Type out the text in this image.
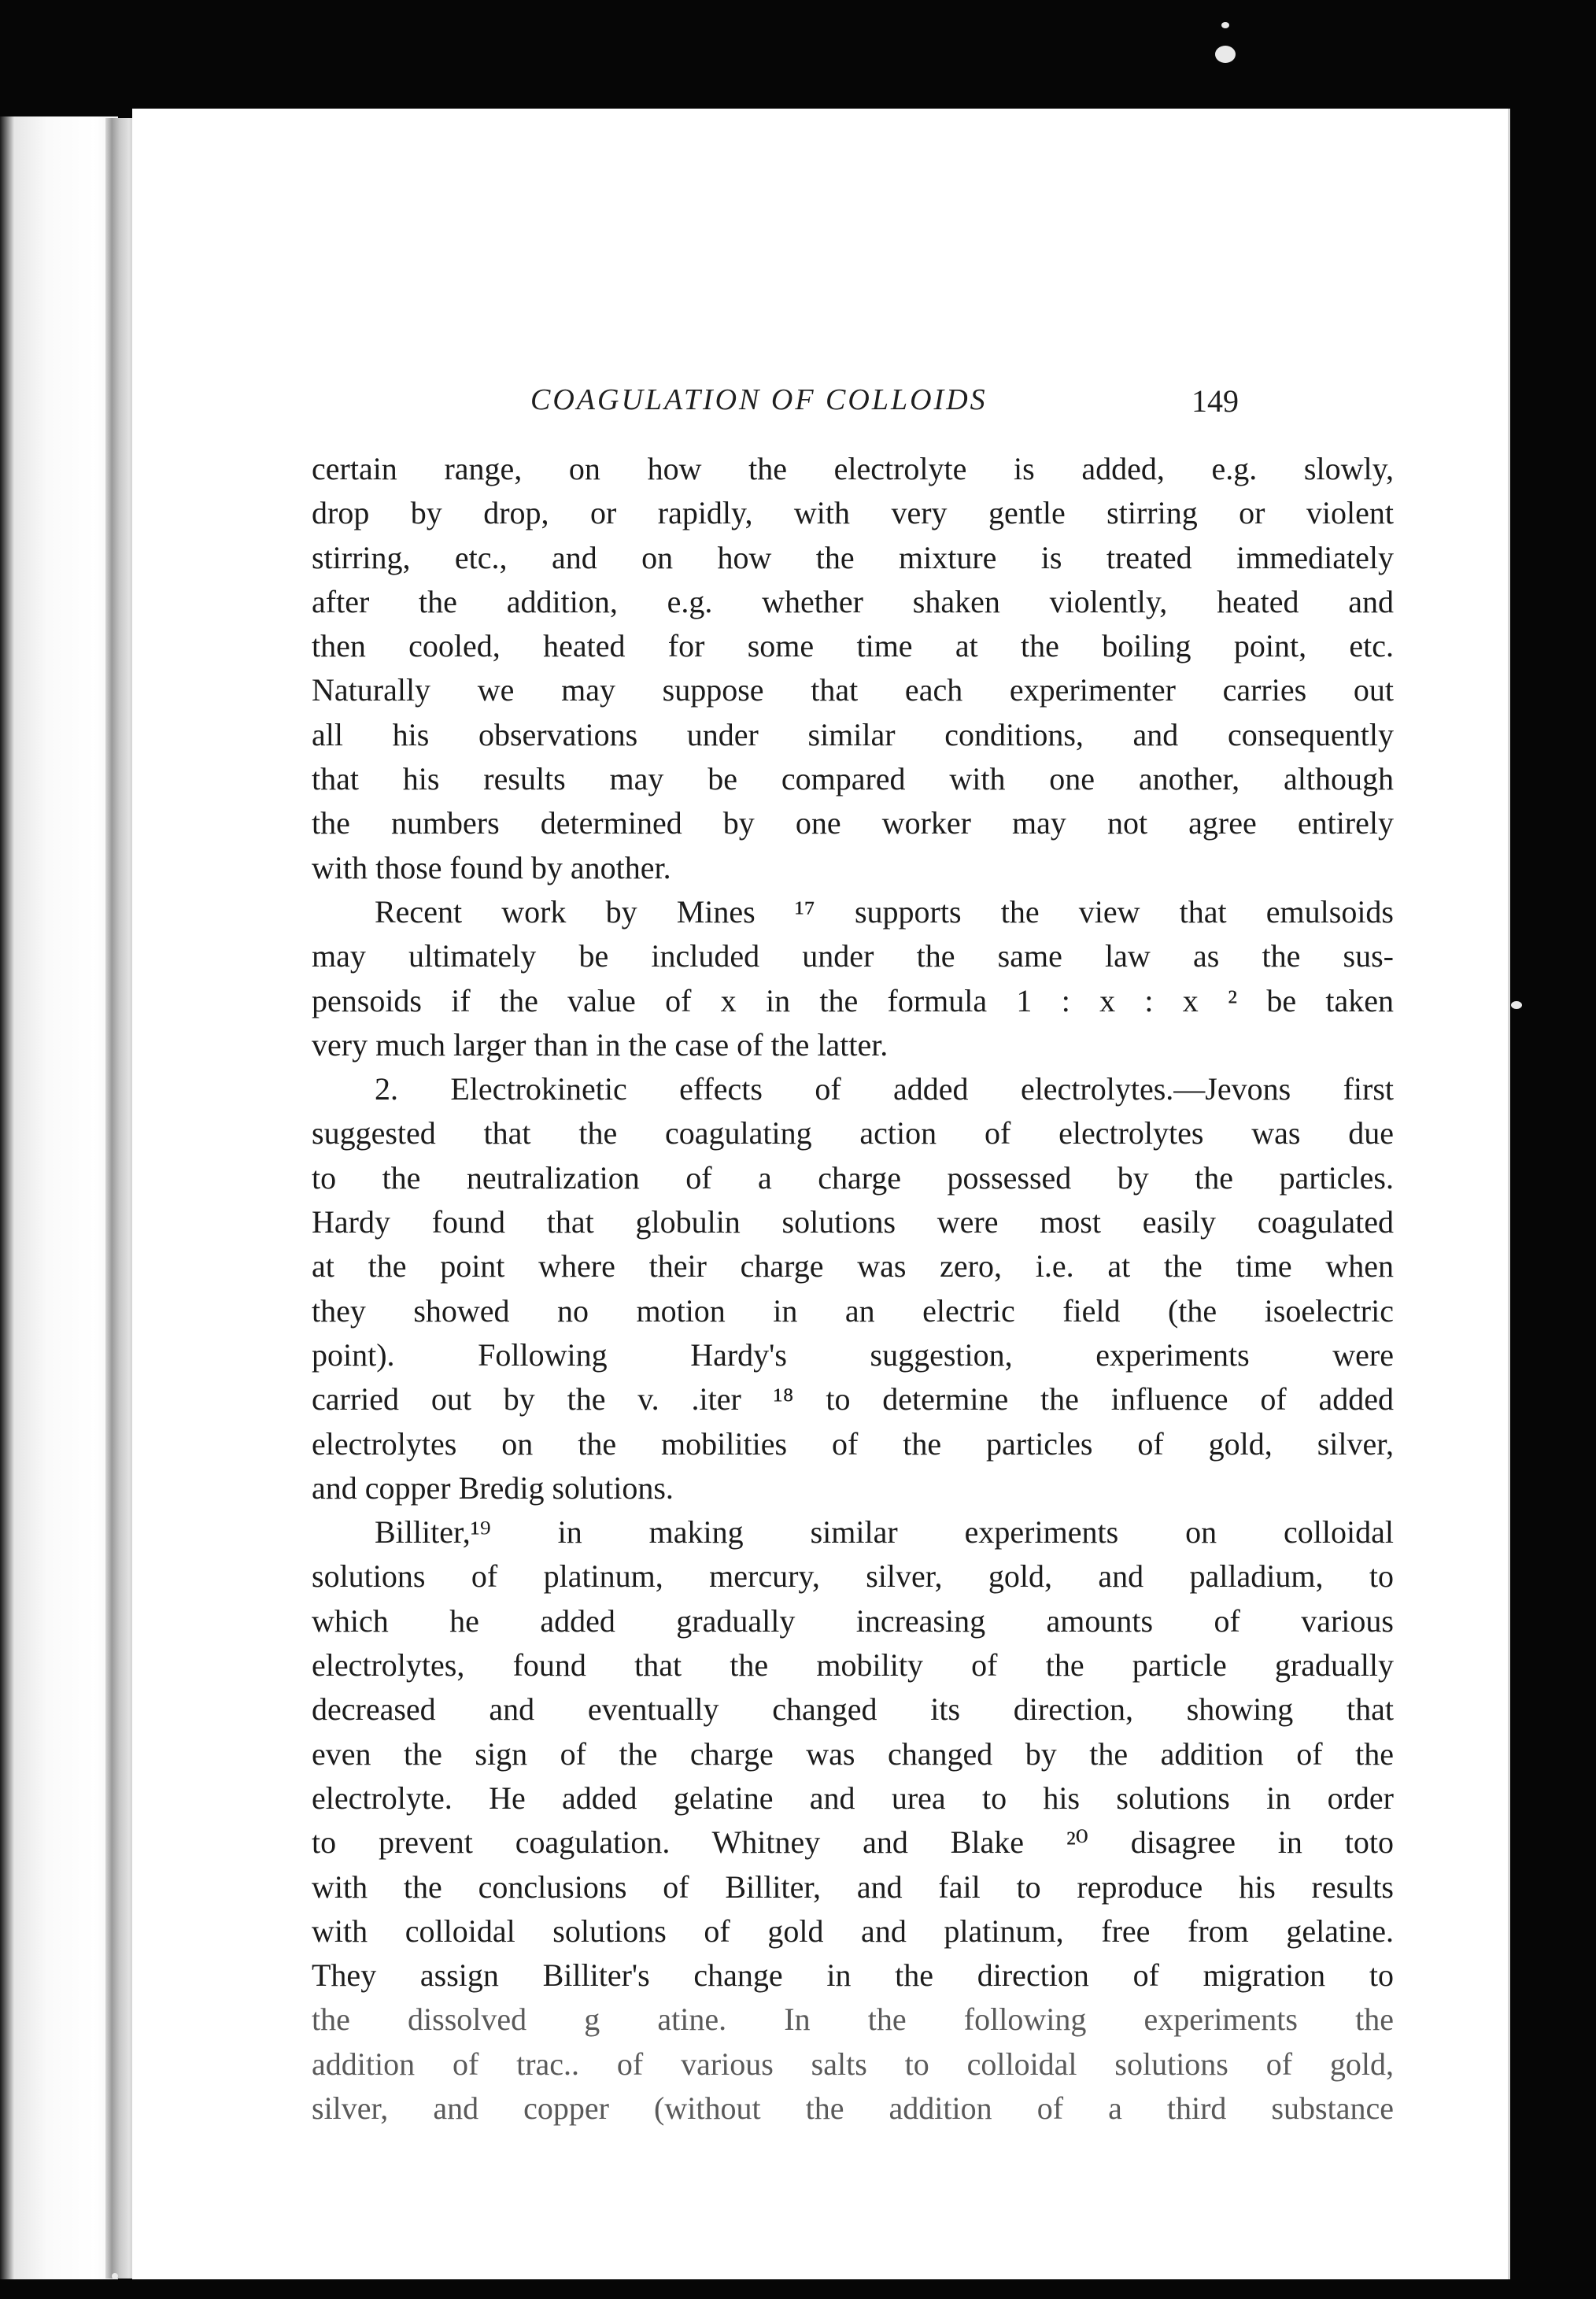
COAGULATION OF COLLOIDS	149
certain range, on how the electrolyte is added, e.g. slowly,
drop by drop, or rapidly, with very gentle stirring or violent
stirring, etc., and on how the mixture is treated immediately
after the addition, e.g. whether shaken violently, heated and
then cooled, heated for some time at the boiling point, etc.
Naturally we may suppose that each experimenter carries out
all his observations under similar conditions, and consequently
that his results may be compared with one another, although
the numbers determined by one worker may not agree entirely
with those found by another.
Recent work by Mines ¹⁷ supports the view that emulsoids
may ultimately be included under the same law as the sus-
pensoids if the value of x in the formula 1 : x : x ² be taken
very much larger than in the case of the latter.
2. Electrokinetic effects of added electrolytes.—Jevons first
suggested that the coagulating action of electrolytes was due
to the neutralization of a charge possessed by the particles.
Hardy found that globulin solutions were most easily coagulated
at the point where their charge was zero, i.e. at the time when
they showed no motion in an electric field (the isoelectric
point). Following Hardy's suggestion, experiments were
carried out by the v. .iter ¹⁸ to determine the influence of added
electrolytes on the mobilities of the particles of gold, silver,
and copper Bredig solutions.
Billiter,¹⁹ in making similar experiments on colloidal
solutions of platinum, mercury, silver, gold, and palladium, to
which he added gradually increasing amounts of various
electrolytes, found that the mobility of the particle gradually
decreased and eventually changed its direction, showing that
even the sign of the charge was changed by the addition of the
electrolyte. He added gelatine and urea to his solutions in order
to prevent coagulation. Whitney and Blake ²⁰ disagree in toto
with the conclusions of Billiter, and fail to reproduce his results
with colloidal solutions of gold and platinum, free from gelatine.
They assign Billiter's change in the direction of migration to
the dissolved g atine. In the following experiments the
addition of trac.. of various salts to colloidal solutions of gold,
silver, and copper (without the addition of a third substance
